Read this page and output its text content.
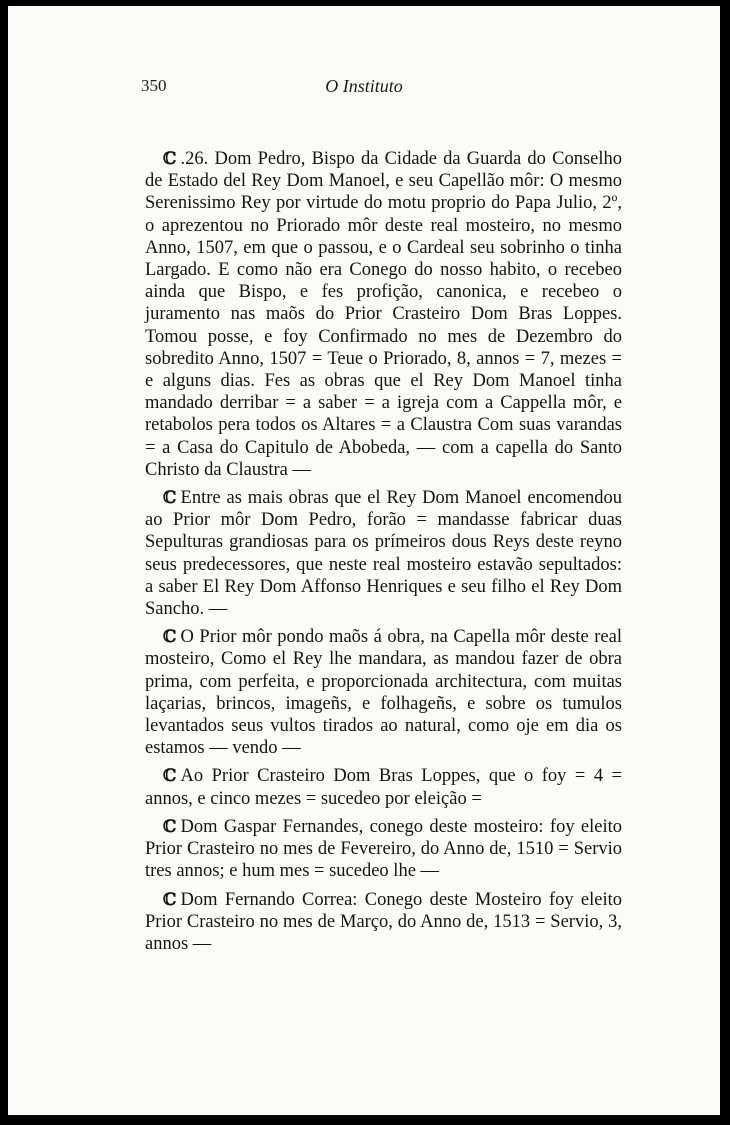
350	O Instituto

ℂ .26. Dom Pedro, Bispo da Cidade da Guarda do Conselho de Estado del Rey Dom Manoel, e seu Capellão môr: O mesmo Serenissimo Rey por virtude do motu proprio do Papa Julio, 2º, o aprezentou no Priorado môr deste real mosteiro, no mesmo Anno, 1507, em que o passou, e o Cardeal seu sobrinho o tinha Largado. E como não era Conego do nosso habito, o recebeo ainda que Bispo, e fes profição, canonica, e recebeo o juramento nas maõs do Prior Crasteiro Dom Bras Loppes. Tomou posse, e foy Confirmado no mes de Dezembro do sobredito Anno, 1507 = Teue o Priorado, 8, annos = 7, mezes = e alguns dias. Fes as obras que el Rey Dom Manoel tinha mandado derribar = a saber = a igreja com a Cappella môr, e retabolos pera todos os Altares = a Claustra Com suas varandas = a Casa do Capitulo de Abobeda, — com a capella do Santo Christo da Claustra —

ℂ Entre as mais obras que el Rey Dom Manoel encomendou ao Prior môr Dom Pedro, forão = mandasse fabricar duas Sepulturas grandiosas para os prímeiros dous Reys deste reyno seus predecessores, que neste real mosteiro estavão sepultados: a saber El Rey Dom Affonso Henriques e seu filho el Rey Dom Sancho. —

ℂ O Prior môr pondo maõs á obra, na Capella môr deste real mosteiro, Como el Rey lhe mandara, as mandou fazer de obra prima, com perfeita, e proporcionada architectura, com muitas laçarias, brincos, imageñs, e folhageñs, e sobre os tumulos levantados seus vultos tirados ao natural, como oje em dia os estamos — vendo —

ℂ Ao Prior Crasteiro Dom Bras Loppes, que o foy = 4 = annos, e cinco mezes = sucedeo por eleição =

ℂ Dom Gaspar Fernandes, conego deste mosteiro: foy eleito Prior Crasteiro no mes de Fevereiro, do Anno de, 1510 = Servio tres annos; e hum mes = sucedeo lhe —

ℂ Dom Fernando Correa: Conego deste Mosteiro foy eleito Prior Crasteiro no mes de Março, do Anno de, 1513 = Servio, 3, annos —
